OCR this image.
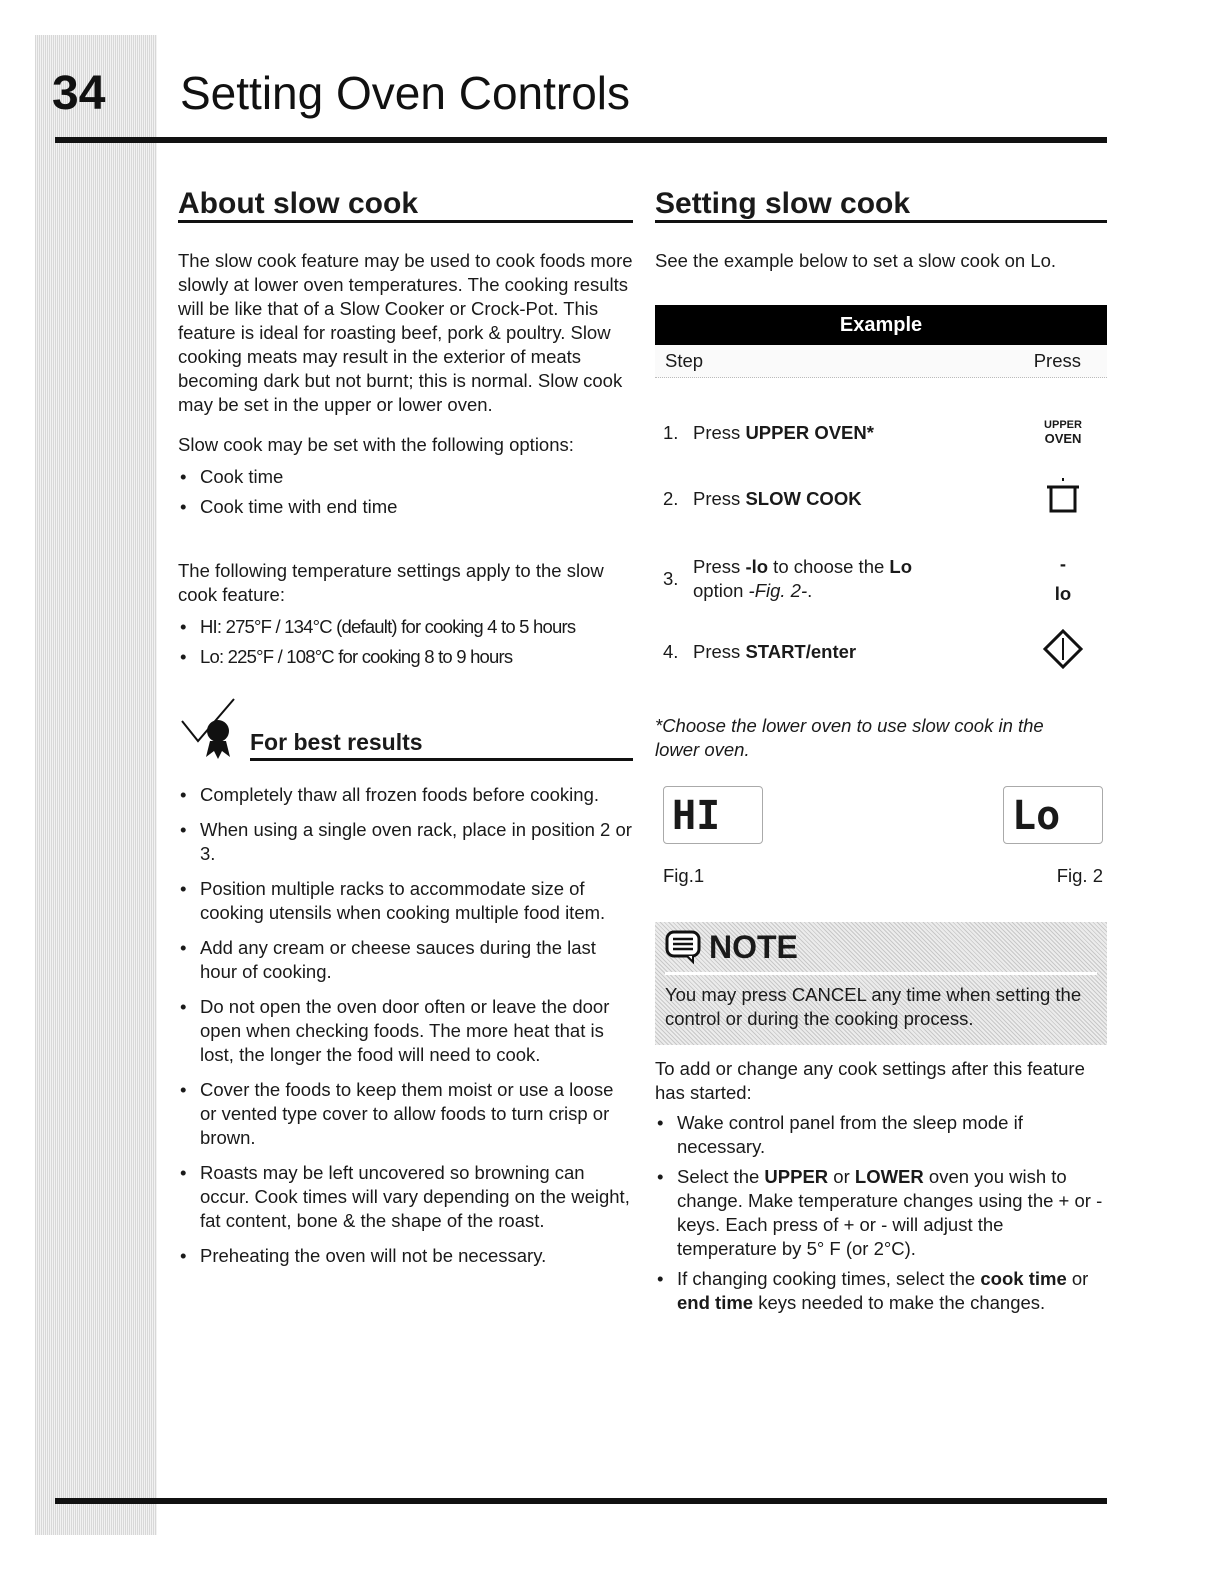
34 Setting Oven Controls
About slow cook

The slow cook feature may be used to cook foods more slowly at lower oven temperatures. The cooking results will be like that of a Slow Cooker or Crock-Pot. This feature is ideal for roasting beef, pork & poultry. Slow cooking meats may result in the exterior of meats becoming dark but not burnt; this is normal. Slow cook may be set in the upper or lower oven.

Slow cook may be set with the following options:

• Cook time
• Cook time with end time

The following temperature settings apply to the slow cook feature:

• HI: 275°F / 134°C (default) for cooking 4 to 5 hours
• Lo: 225°F / 108°C for cooking 8 to 9 hours
For best results
• Completely thaw all frozen foods before cooking.
• When using a single oven rack, place in position 2 or 3.
• Position multiple racks to accommodate size of cooking utensils when cooking multiple food item.
• Add any cream or cheese sauces during the last hour of cooking.
• Do not open the oven door often or leave the door open when checking foods. The more heat that is lost, the longer the food will need to cook.
• Cover the foods to keep them moist or use a loose or vented type cover to allow foods to turn crisp or brown.
• Roasts may be left uncovered so browning can occur. Cook times will vary depending on the weight, fat content, bone & the shape of the roast.
• Preheating the oven will not be necessary.
Setting slow cook

See the example below to set a slow cook on Lo.

Example
Step	Press
1. Press UPPER OVEN*	UPPER
OVEN
2. Press SLOW COOK
3.
Press -lo to choose the Lo
option -Fig. 2-.
-
lo
4. Press START/enter

*Choose the lower oven to use slow cook in the lower oven.

HI
Fig.1
Lo
Fig. 2
NOTE
You may press CANCEL any time when setting the control or during the cooking process.

To add or change any cook settings after this feature has started:

• Wake control panel from the sleep mode if necessary.
• Select the UPPER or LOWER oven you wish to change. Make temperature changes using the + or - keys. Each press of + or - will adjust the temperature by 5° F (or 2°C).
• If changing cooking times, select the cook time or end time keys needed to make the changes.
